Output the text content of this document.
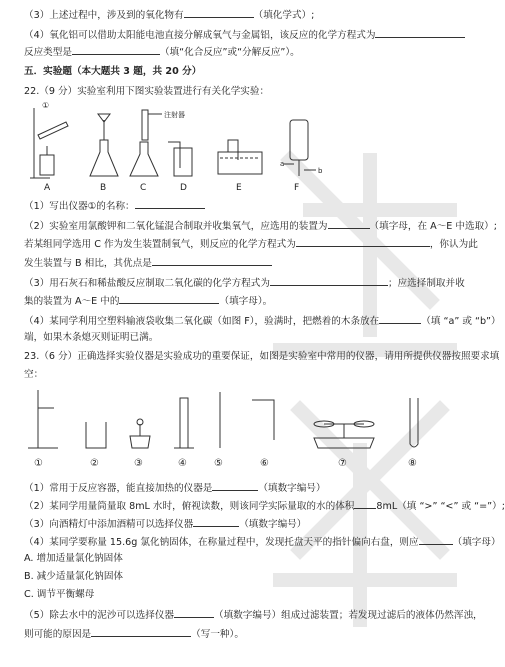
（3）上述过程中，涉及到的氧化物有	（填化学式）;
（4）氧化铝可以借助太阳能电池直接分解成氧气与金属铝，该反应的化学方程式为
反应类型是	（填“化合反应”或“分解反应”）。
五．实验题（本大题共 3 题，共 20 分）
22.（9 分）实验室利用下图实验装置进行有关化学实验：
①
注射器
a
b
A	B	C	D	E	F
（1）写出仪器①的名称：
（2）实验室用氯酸钾和二氧化锰混合制取并收集氧气，应选用的装置为	（填字母，在 A～E 中选取）;
若某组同学选用 C 作为发生装置制氧气，则反应的化学方程式为	，你认为此
发生装置与 B 相比，其优点是
（3）用石灰石和稀盐酸反应制取二氧化碳的化学方程式为	；应选择制取并收
集的装置为 A～E 中的	（填字母）。
（4）某同学利用空塑料输液袋收集二氧化碳（如图 F），验满时，把燃着的木条放在	（填 “a” 或 “b”）
端，如果木条熄灭则证明已满。
23.（6 分）正确选择实验仪器是实验成功的重要保证，如图是实验室中常用的仪器，请用所提供仪器按照要求填
空：
①	②	③	④	⑤	⑥	⑦	⑧
（1）常用于反应容器，能直接加热的仪器是	（填数字编号）
（2）某同学用量筒量取 8mL 水时，俯视读数，则该同学实际量取的水的体积 8mL（填 “>” “<” 或 “=”）;
（3）向酒精灯中添加酒精可以选择仪器	（填数字编号）
（4）某同学要称量 15.6g 氯化钠固体，在称量过程中，发现托盘天平的指针偏向右盘，则应	（填字母）
A. 增加适量氯化钠固体
B. 减少适量氯化钠固体
C. 调节平衡螺母
（5）除去水中的泥沙可以选择仪器	（填数字编号）组成过滤装置；若发现过滤后的液体仍然浑浊，
则可能的原因是	（写一种）。
